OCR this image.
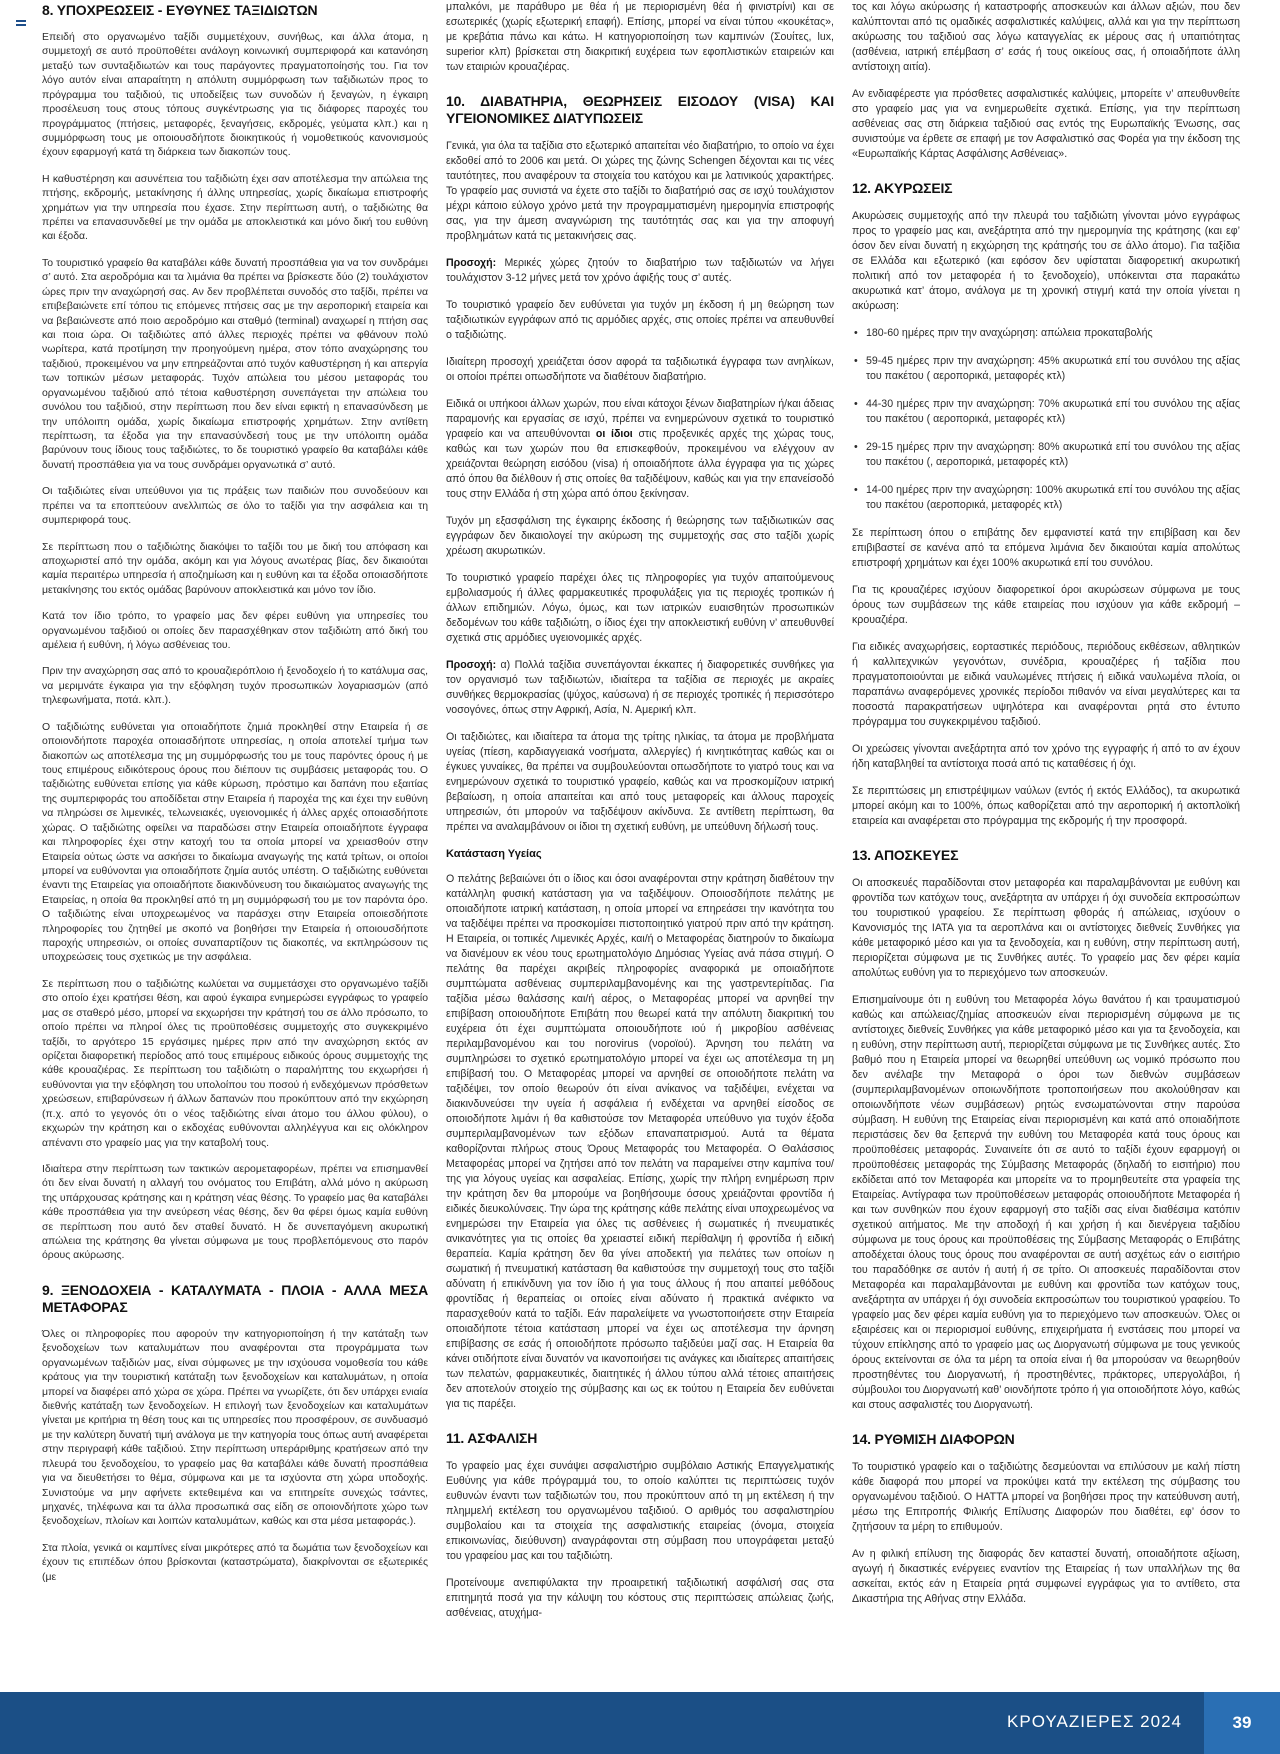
8. ΥΠΟΧΡΕΩΣΕΙΣ - ΕΥΘΥΝΕΣ ΤΑΞΙΔΙΩΤΩΝ

Επειδή στο οργανωμένο ταξίδι συμμετέχουν, συνήθως, και άλλα άτομα, η συμμετοχή σε αυτό προϋποθέτει ανάλογη κοινωνική συμπεριφορά και κατανόηση μεταξύ των συνταξιδιωτών και τους παράγοντες πραγματοποίησής του. Για τον λόγο αυτόν είναι απαραίτητη η απόλυτη συμμόρφωση των ταξιδιωτών προς το πρόγραμμα του ταξιδιού, τις υποδείξεις των συνοδών ή ξεναγών, η έγκαιρη προσέλευση τους στους τόπους συγκέντρωσης για τις διάφορες παροχές του προγράμματος (πτήσεις, μεταφορές, ξεναγήσεις, εκδρομές, γεύματα κλπ.) και η συμμόρφωση τους με οποιουσδήποτε διοικητικούς ή νομοθετικούς κανονισμούς έχουν εφαρμογή κατά τη διάρκεια των διακοπών τους.

Η καθυστέρηση και ασυνέπεια του ταξιδιώτη έχει σαν αποτέλεσμα την απώλεια της πτήσης, εκδρομής, μετακίνησης ή άλλης υπηρεσίας, χωρίς δικαίωμα επιστροφής χρημάτων για την υπηρεσία που έχασε. Στην περίπτωση αυτή, ο ταξιδιώτης θα πρέπει να επανασυνδεθεί με την ομάδα με αποκλειστικά και μόνο δική του ευθύνη και έξοδα.

Το τουριστικό γραφείο θα καταβάλει κάθε δυνατή προσπάθεια για να τον συνδράμει σ’ αυτό. Στα αεροδρόμια και τα λιμάνια θα πρέπει να βρίσκεστε δύο (2) τουλάχιστον ώρες πριν την αναχώρησή σας. Αν δεν προβλέπεται συνοδός στο ταξίδι, πρέπει να επιβεβαιώνετε επί τόπου τις επόμενες πτήσεις σας με την αεροπορική εταιρεία και να βεβαιώνεστε από ποιο αεροδρόμιο και σταθμό (terminal) αναχωρεί η πτήση σας και ποια ώρα. Οι ταξιδιώτες από άλλες περιοχές πρέπει να φθάνουν πολύ νωρίτερα, κατά προτίμηση την προηγούμενη ημέρα, στον τόπο αναχώρησης του ταξιδιού, προκειμένου να μην επηρεάζονται από τυχόν καθυστέρηση ή και απεργία των τοπικών μέσων μεταφοράς. Τυχόν απώλεια του μέσου μεταφοράς του οργανωμένου ταξιδιού από τέτοια καθυστέρηση συνεπάγεται την απώλεια του συνόλου του ταξιδιού, στην περίπτωση που δεν είναι εφικτή η επανασύνδεση με την υπόλοιπη ομάδα, χωρίς δικαίωμα επιστροφής χρημάτων. Στην αντίθετη περίπτωση, τα έξοδα για την επανασύνδεσή τους με την υπόλοιπη ομάδα βαρύνουν τους ίδιους τους ταξιδιώτες, το δε τουριστικό γραφείο θα καταβάλει κάθε δυνατή προσπάθεια για να τους συνδράμει οργανωτικά σ’ αυτό.

Οι ταξιδιώτες είναι υπεύθυνοι για τις πράξεις των παιδιών που συνοδεύουν και πρέπει να τα εποπτεύουν ανελλιπώς σε όλο το ταξίδι για την ασφάλεια και τη συμπεριφορά τους.

Σε περίπτωση που ο ταξιδιώτης διακόψει το ταξίδι του με δική του απόφαση και αποχωριστεί από την ομάδα, ακόμη και για λόγους ανωτέρας βίας, δεν δικαιούται καμία περαιτέρω υπηρεσία ή αποζημίωση και η ευθύνη και τα έξοδα οποιασδήποτε μετακίνησης του εκτός ομάδας βαρύνουν αποκλειστικά και μόνο τον ίδιο.

Κατά τον ίδιο τρόπο, το γραφείο μας δεν φέρει ευθύνη για υπηρεσίες του οργανωμένου ταξιδιού οι οποίες δεν παρασχέθηκαν στον ταξιδιώτη από δική του αμέλεια ή ευθύνη, ή λόγω ασθένειας του.

Πριν την αναχώρηση σας από το κρουαζιερόπλοιο ή ξενοδοχείο ή το κατάλυμα σας, να μεριμνάτε έγκαιρα για την εξόφληση τυχόν προσωπικών λογαριασμών (από τηλεφωνήματα, ποτά. κλπ.).

Ο ταξιδιώτης ευθύνεται για οποιαδήποτε ζημιά προκληθεί στην Εταιρεία ή σε οποιονδήποτε παροχέα οποιασδήποτε υπηρεσίας, η οποία αποτελεί τμήμα των διακοπών ως αποτέλεσμα της μη συμμόρφωσής του με τους παρόντες όρους ή με τους επιμέρους ειδικότερους όρους που διέπουν τις συμβάσεις μεταφοράς του. Ο ταξιδιώτης ευθύνεται επίσης για κάθε κύρωση, πρόστιμο και δαπάνη που εξαιτίας της συμπεριφοράς του αποδίδεται στην Εταιρεία ή παροχέα της και έχει την ευθύνη να πληρώσει σε λιμενικές, τελωνειακές, υγειονομικές ή άλλες αρχές οποιασδήποτε χώρας. Ο ταξιδιώτης οφείλει να παραδώσει στην Εταιρεία οποιαδήποτε έγγραφα και πληροφορίες έχει στην κατοχή του τα οποία μπορεί να χρειασθούν στην Εταιρεία ούτως ώστε να ασκήσει το δικαίωμα αναγωγής της κατά τρίτων, οι οποίοι μπορεί να ευθύνονται για οποιαδήποτε ζημία αυτός υπέστη. Ο ταξιδιώτης ευθύνεται έναντι της Εταιρείας για οποιαδήποτε διακινδύνευση του δικαιώματος αναγωγής της Εταιρείας, η οποία θα προκληθεί από τη μη συμμόρφωσή του με τον παρόντα όρο. Ο ταξιδιώτης είναι υποχρεωμένος να παράσχει στην Εταιρεία οποιεσδήποτε πληροφορίες του ζητηθεί με σκοπό να βοηθήσει την Εταιρεία ή οποιουσδήποτε παροχής υπηρεσιών, οι οποίες συναπαρτίζουν τις διακοπές, να εκπληρώσουν τις υποχρεώσεις τους σχετικώς με την ασφάλεια.

Σε περίπτωση που ο ταξιδιώτης κωλύεται να συμμετάσχει στο οργανωμένο ταξίδι στο οποίο έχει κρατήσει θέση, και αφού έγκαιρα ενημερώσει εγγράφως το γραφείο μας σε σταθερό μέσο, μπορεί να εκχωρήσει την κράτησή του σε άλλο πρόσωπο, το οποίο πρέπει να πληροί όλες τις προϋποθέσεις συμμετοχής στο συγκεκριμένο ταξίδι, το αργότερο 15 εργάσιμες ημέρες πριν από την αναχώρηση εκτός αν ορίζεται διαφορετική περίοδος από τους επιμέρους ειδικούς όρους συμμετοχής της κάθε κρουαζιέρας. Σε περίπτωση του ταξιδιώτη ο παραλήπτης του εκχωρήσει ή ευθύνονται για την εξόφληση του υπολοίπου του ποσού ή ενδεχόμενων πρόσθετων χρεώσεων, επιβαρύνσεων ή άλλων δαπανών που προκύπτουν από την εκχώρηση (π.χ. από το γεγονός ότι ο νέος ταξιδιώτης είναι άτομο του άλλου φύλου), ο εκχωρών την κράτηση και ο εκδοχέας ευθύνονται αλληλέγγυα και εις ολόκληρον απέναντι στο γραφείο μας για την καταβολή τους.

Ιδιαίτερα στην περίπτωση των τακτικών αερομεταφορέων, πρέπει να επισημανθεί ότι δεν είναι δυνατή η αλλαγή του ονόματος του Επιβάτη, αλλά μόνο η ακύρωση της υπάρχουσας κράτησης και η κράτηση νέας θέσης. Το γραφείο μας θα καταβάλει κάθε προσπάθεια για την ανεύρεση νέας θέσης, δεν θα φέρει όμως καμία ευθύνη σε περίπτωση που αυτό δεν σταθεί δυνατό. Η δε συνεπαγόμενη ακυρωτική απώλεια της κράτησης θα γίνεται σύμφωνα με τους προβλεπόμενους στο παρόν όρους ακύρωσης.

9. ΞΕΝΟΔΟΧΕΙΑ - ΚΑΤΑΛΥΜΑΤΑ - ΠΛΟΙΑ - ΑΛΛΑ ΜΕΣΑ ΜΕΤΑΦΟΡΑΣ

Όλες οι πληροφορίες που αφορούν την κατηγοριοποίηση ή την κατάταξη των ξενοδοχείων των καταλυμάτων που αναφέρονται στα προγράμματα των οργανωμένων ταξιδιών μας, είναι σύμφωνες με την ισχύουσα νομοθεσία του κάθε κράτους για την τουριστική κατάταξη των ξενοδοχείων και καταλυμάτων, η οποία μπορεί να διαφέρει από χώρα σε χώρα. Πρέπει να γνωρίζετε, ότι δεν υπάρχει ενιαία διεθνής κατάταξη των ξενοδοχείων. Η επιλογή των ξενοδοχείων και καταλυμάτων γίνεται με κριτήρια τη θέση τους και τις υπηρεσίες που προσφέρουν, σε συνδυασμό με την καλύτερη δυνατή τιμή ανάλογα με την κατηγορία τους όπως αυτή αναφέρεται στην περιγραφή κάθε ταξιδιού. Στην περίπτωση υπεράριθμης κρατήσεων από την πλευρά του ξενοδοχείου, το γραφείο μας θα καταβάλει κάθε δυνατή προσπάθεια για να διευθετήσει το θέμα, σύμφωνα και με τα ισχύοντα στη χώρα υποδοχής. Συνιστούμε να μην αφήνετε εκτεθειμένα και να επιτηρείτε συνεχώς τσάντες, μηχανές, τηλέφωνα και τα άλλα προσωπικά σας είδη σε οποιονδήποτε χώρο των ξενοδοχείων, πλοίων και λοιπών καταλυμάτων, καθώς και στα μέσα μεταφοράς.).

Στα πλοία, γενικά οι καμπίνες είναι μικρότερες από τα δωμάτια των ξενοδοχείων και έχουν τις επιπέδων όπου βρίσκονται (καταστρώματα), διακρίνονται σε εξωτερικές (με

μπαλκόνι, με παράθυρο με θέα ή με περιορισμένη θέα ή φινιστρίνι) και σε εσωτερικές (χωρίς εξωτερική επαφή). Επίσης, μπορεί να είναι τύπου «κουκέτας», με κρεβάτια πάνω και κάτω. Η κατηγοριοποίηση των καμπινών (Σουίτες, lux, superior κλπ) βρίσκεται στη διακριτική ευχέρεια των εφοπλιστικών εταιρειών και των εταιριών κρουαζιέρας.

10. ΔΙΑΒΑΤΗΡΙΑ, ΘΕΩΡΗΣΕΙΣ ΕΙΣΟΔΟΥ (VISA) ΚΑΙ ΥΓΕΙΟΝΟΜΙΚΕΣ ΔΙΑΤΥΠΩΣΕΙΣ

Γενικά, για όλα τα ταξίδια στο εξωτερικό απαιτείται νέο διαβατήριο, το οποίο να έχει εκδοθεί από το 2006 και μετά. Οι χώρες της ζώνης Schengen δέχονται και τις νέες ταυτότητες, που αναφέρουν τα στοιχεία του κατόχου και με λατινικούς χαρακτήρες. Το γραφείο μας συνιστά να έχετε στο ταξίδι το διαβατήριό σας σε ισχύ τουλάχιστον μέχρι κάποιο εύλογο χρόνο μετά την προγραμματισμένη ημερομηνία επιστροφής σας, για την άμεση αναγνώριση της ταυτότητάς σας και για την αποφυγή προβλημάτων κατά τις μετακινήσεις σας.

Προσοχή: Μερικές χώρες ζητούν το διαβατήριο των ταξιδιωτών να λήγει τουλάχιστον 3-12 μήνες μετά τον χρόνο άφιξής τους σ’ αυτές.

Το τουριστικό γραφείο δεν ευθύνεται για τυχόν μη έκδοση ή μη θεώρηση των ταξιδιωτικών εγγράφων από τις αρμόδιες αρχές, στις οποίες πρέπει να απευθυνθεί ο ταξιδιώτης.

Ιδιαίτερη προσοχή χρειάζεται όσον αφορά τα ταξιδιωτικά έγγραφα των ανηλίκων, οι οποίοι πρέπει οπωσδήποτε να διαθέτουν διαβατήριο.

Ειδικά οι υπήκοοι άλλων χωρών, που είναι κάτοχοι ξένων διαβατηρίων ή/και άδειας παραμονής και εργασίας σε ισχύ, πρέπει να ενημερώνουν σχετικά το τουριστικό γραφείο και να απευθύνονται οι ίδιοι στις προξενικές αρχές της χώρας τους, καθώς και των χωρών που θα επισκεφθούν, προκειμένου να ελέγχουν αν χρειάζονται θεώρηση εισόδου (visa) ή οποιαδήποτε άλλα έγγραφα για τις χώρες από όπου θα διέλθουν ή στις οποίες θα ταξιδέψουν, καθώς και για την επανείσοδό τους στην Ελλάδα ή στη χώρα από όπου ξεκίνησαν.

Τυχόν μη εξασφάλιση της έγκαιρης έκδοσης ή θεώρησης των ταξιδιωτικών σας εγγράφων δεν δικαιολογεί την ακύρωση της συμμετοχής σας στο ταξίδι χωρίς χρέωση ακυρωτικών.

Το τουριστικό γραφείο παρέχει όλες τις πληροφορίες για τυχόν απαιτούμενους εμβολιασμούς ή άλλες φαρμακευτικές προφυλάξεις για τις περιοχές τροπικών ή άλλων επιδημιών. Λόγω, όμως, και των ιατρικών ευαισθητών προσωπικών δεδομένων του κάθε ταξιδιώτη, ο ίδιος έχει την αποκλειστική ευθύνη ν’ απευθυνθεί σχετικά στις αρμόδιες υγειονομικές αρχές.

Προσοχή: α) Πολλά ταξίδια συνεπάγονται έκκαπες ή διαφορετικές συνθήκες για τον οργανισμό των ταξιδιωτών, ιδιαίτερα τα ταξίδια σε περιοχές με ακραίες συνθήκες θερμοκρασίας (ψύχος, καύσωνα) ή σε περιοχές τροπικές ή περισσότερο νοσογόνες, όπως στην Αφρική, Ασία, Ν. Αμερική κλπ.

Οι ταξιδιώτες, και ιδιαίτερα τα άτομα της τρίτης ηλικίας, τα άτομα με προβλήματα υγείας (πίεση, καρδιαγγειακά νοσήματα, αλλεργίες) ή κινητικότητας καθώς και οι έγκυες γυναίκες, θα πρέπει να συμβουλεύονται οπωσδήποτε το γιατρό τους και να ενημερώνουν σχετικά το τουριστικό γραφείο, καθώς και να προσκομίζουν ιατρική βεβαίωση, η οποία απαιτείται και από τους μεταφορείς και άλλους παροχείς υπηρεσιών, ότι μπορούν να ταξιδέψουν ακίνδυνα. Σε αντίθετη περίπτωση, θα πρέπει να αναλαμβάνουν οι ίδιοι τη σχετική ευθύνη, με υπεύθυνη δήλωσή τους.

Κατάσταση Υγείας

Ο πελάτης βεβαιώνει ότι ο ίδιος και όσοι αναφέρονται στην κράτηση διαθέτουν την κατάλληλη φυσική κατάσταση για να ταξιδέψουν. Οποιοσδήποτε πελάτης με οποιαδήποτε ιατρική κατάσταση, η οποία μπορεί να επηρεάσει την ικανότητα του να ταξιδέψει πρέπει να προσκομίσει πιστοποιητικό γιατρού πριν από την κράτηση. Η Εταιρεία, οι τοπικές Λιμενικές Αρχές, και/ή ο Μεταφορέας διατηρούν το δικαίωμα να διανέμουν εκ νέου τους ερωτηματολόγιο Δημόσιας Υγείας ανά πάσα στιγμή. Ο πελάτης θα παρέχει ακριβείς πληροφορίες αναφορικά με οποιαδήποτε συμπτώματα ασθένειας συμπεριλαμβανομένης και της γαστρεντερίτιδας. Για ταξίδια μέσω θαλάσσης και/ή αέρος, ο Μεταφορέας μπορεί να αρνηθεί την επιβίβαση οποιουδήποτε Επιβάτη που θεωρεί κατά την απόλυτη διακριτική του ευχέρεια ότι έχει συμπτώματα οποιουδήποτε ιού ή μικροβίου ασθένειας περιλαμβανομένου και του norovirus (νοροϊού). Άρνηση του πελάτη να συμπληρώσει το σχετικό ερωτηματολόγιο μπορεί να έχει ως αποτέλεσμα τη μη επιβίβασή του. Ο Μεταφορέας μπορεί να αρνηθεί σε οποιοδήποτε πελάτη να ταξιδέψει, τον οποίο θεωρούν ότι είναι ανίκανος να ταξιδέψει, ενέχεται να διακινδυνεύσει την υγεία ή ασφάλεια ή ενδέχεται να αρνηθεί είσοδος σε οποιοδήποτε λιμάνι ή θα καθιστούσε τον Μεταφορέα υπεύθυνο για τυχόν έξοδα συμπεριλαμβανομένων των εξόδων επαναπατρισμού. Αυτά τα θέματα καθορίζονται πλήρως στους Όρους Μεταφοράς του Μεταφορέα. Ο Θαλάσσιος Μεταφορέας μπορεί να ζητήσει από τον πελάτη να παραμείνει στην καμπίνα του/της για λόγους υγείας και ασφαλείας. Επίσης, χωρίς την πλήρη ενημέρωση πριν την κράτηση δεν θα μπορούμε να βοηθήσουμε όσους χρειάζονται φροντίδα ή ειδικές διευκολύνσεις. Την ώρα της κράτησης κάθε πελάτης είναι υποχρεωμένος να ενημερώσει την Εταιρεία για όλες τις ασθένειες ή σωματικές ή πνευματικές ανικανότητες για τις οποίες θα χρειαστεί ειδική περίθαλψη ή φροντίδα ή ειδική θεραπεία. Καμία κράτηση δεν θα γίνει αποδεκτή για πελάτες των οποίων η σωματική ή πνευματική κατάσταση θα καθιστούσε την συμμετοχή τους στο ταξίδι αδύνατη ή επικίνδυνη για τον ίδιο ή για τους άλλους ή που απαιτεί μεθόδους φροντίδας ή θεραπείας οι οποίες είναι αδύνατο ή πρακτικά ανέφικτο να παρασχεθούν κατά το ταξίδι. Εάν παραλείψετε να γνωστοποιήσετε στην Εταιρεία οποιαδήποτε τέτοια κατάσταση μπορεί να έχει ως αποτέλεσμα την άρνηση επιβίβασης σε εσάς ή οποιοδήποτε πρόσωπο ταξιδεύει μαζί σας. Η Εταιρεία θα κάνει οτιδήποτε είναι δυνατόν να ικανοποιήσει τις ανάγκες και ιδιαίτερες απαιτήσεις των πελατών, φαρμακευτικές, διαιτητικές ή άλλου τύπου αλλά τέτοιες απαιτήσεις δεν αποτελούν στοιχείο της σύμβασης και ως εκ τούτου η Εταιρεία δεν ευθύνεται για τις παρέξει.

11. ΑΣΦΑΛΙΣΗ

Το γραφείο μας έχει συνάψει ασφαλιστήριο συμβόλαιο Αστικής Επαγγελματικής Ευθύνης για κάθε πρόγραμμά του, το οποίο καλύπτει τις περιπτώσεις τυχόν ευθυνών έναντι των ταξιδιωτών του, που προκύπτουν από τη μη εκτέλεση ή την πλημμελή εκτέλεση του οργανωμένου ταξιδιού. Ο αριθμός του ασφαλιστηρίου συμβολαίου και τα στοιχεία της ασφαλιστικής εταιρείας (όνομα, στοιχεία επικοινωνίας, διεύθυνση) αναγράφονται στη σύμβαση που υπογράφεται μεταξύ του γραφείου μας και του ταξιδιώτη.

Προτείνουμε ανεπιφύλακτα την προαιρετική ταξιδιωτική ασφάλισή σας στα επιτημητά ποσά για την κάλυψη του κόστους στις περιπτώσεις απώλειας ζωής, ασθένειας, ατυχήμα-

τος και λόγω ακύρωσης ή καταστροφής αποσκευών και άλλων αξιών, που δεν καλύπτονται από τις ομαδικές ασφαλιστικές καλύψεις, αλλά και για την περίπτωση ακύρωσης του ταξιδιού σας λόγω καταγγελίας εκ μέρους σας ή υπαιτιότητας (ασθένεια, ιατρική επέμβαση σ’ εσάς ή τους οικείους σας, ή οποιαδήποτε άλλη αντίστοιχη αιτία).

Αν ενδιαφέρεστε για πρόσθετες ασφαλιστικές καλύψεις, μπορείτε ν’ απευθυνθείτε στο γραφείο μας για να ενημερωθείτε σχετικά. Επίσης, για την περίπτωση ασθένειας σας στη διάρκεια ταξιδιού σας εντός της Ευρωπαϊκής Ένωσης, σας συνιστούμε να έρθετε σε επαφή με τον Ασφαλιστικό σας Φορέα για την έκδοση της «Ευρωπαϊκής Κάρτας Ασφάλισης Ασθένειας».

12. ΑΚΥΡΩΣΕΙΣ

Ακυρώσεις συμμετοχής από την πλευρά του ταξιδιώτη γίνονται μόνο εγγράφως προς το γραφείο μας και, ανεξάρτητα από την ημερομηνία της κράτησης (και εφ’ όσον δεν είναι δυνατή η εκχώρηση της κράτησής του σε άλλο άτομο). Για ταξίδια σε Ελλάδα και εξωτερικό (και εφόσον δεν υφίσταται διαφορετική ακυρωτική πολιτική από τον μεταφορέα ή το ξενοδοχείο), υπόκεινται στα παρακάτω ακυρωτικά κατ’ άτομο, ανάλογα με τη χρονική στιγμή κατά την οποία γίνεται η ακύρωση:

• 180-60 ημέρες πριν την αναχώρηση: απώλεια προκαταβολής
• 59-45 ημέρες πριν την αναχώρηση: 45% ακυρωτικά επί του συνόλου της αξίας του πακέτου ( αεροπορικά, μεταφορές κτλ)
• 44-30 ημέρες πριν την αναχώρηση: 70% ακυρωτικά επί του συνόλου της αξίας του πακέτου ( αεροπορικά, μεταφορές κτλ)
• 29-15 ημέρες πριν την αναχώρηση: 80% ακυρωτικά επί του συνόλου της αξίας του πακέτου (, αεροπορικά, μεταφορές κτλ)
• 14-00 ημέρες πριν την αναχώρηση: 100% ακυρωτικά επί του συνόλου της αξίας του πακέτου (αεροπορικά, μεταφορές κτλ)

Σε περίπτωση όπου ο επιβάτης δεν εμφανιστεί κατά την επιβίβαση και δεν επιβιβαστεί σε κανένα από τα επόμενα λιμάνια δεν δικαιούται καμία απολύτως επιστροφή χρημάτων και έχει 100% ακυρωτικά επί του συνόλου.

Για τις κρουαζιέρες ισχύουν διαφορετικοί όροι ακυρώσεων σύμφωνα με τους όρους των συμβάσεων της κάθε εταιρείας που ισχύουν για κάθε εκδρομή – κρουαζιέρα.

Για ειδικές αναχωρήσεις, εορταστικές περιόδους, περιόδους εκθέσεων, αθλητικών ή καλλιτεχνικών γεγονότων, συνέδρια, κρουαζιέρες ή ταξίδια που πραγματοποιούνται με ειδικά ναυλωμένες πτήσεις ή ειδικά ναυλωμένα πλοία, οι παραπάνω αναφερόμενες χρονικές περίοδοι πιθανόν να είναι μεγαλύτερες και τα ποσοστά παρακρατήσεων υψηλότερα και αναφέρονται ρητά στο έντυπο πρόγραμμα του συγκεκριμένου ταξιδιού.

Οι χρεώσεις γίνονται ανεξάρτητα από τον χρόνο της εγγραφής ή από το αν έχουν ήδη καταβληθεί τα αντίστοιχα ποσά από τις καταθέσεις ή όχι.

Σε περιπτώσεις μη επιστρέψιμων ναύλων (εντός ή εκτός Ελλάδος), τα ακυρωτικά μπορεί ακόμη και το 100%, όπως καθορίζεται από την αεροπορική ή ακτοπλοϊκή εταιρεία και αναφέρεται στο πρόγραμμα της εκδρομής ή την προσφορά.

13. ΑΠΟΣΚΕΥΕΣ

Οι αποσκευές παραδίδονται στον μεταφορέα και παραλαμβάνονται με ευθύνη και φροντίδα των κατόχων τους, ανεξάρτητα αν υπάρχει ή όχι συνοδεία εκπροσώπων του τουριστικού γραφείου. Σε περίπτωση φθοράς ή απώλειας, ισχύουν ο Κανονισμός της IATA για τα αεροπλάνα και οι αντίστοιχες διεθνείς Συνθήκες για κάθε μεταφορικό μέσο και για τα ξενοδοχεία, και η ευθύνη, στην περίπτωση αυτή, περιορίζεται σύμφωνα με τις Συνθήκες αυτές. Το γραφείο μας δεν φέρει καμία απολύτως ευθύνη για το περιεχόμενο των αποσκευών.

Επισημαίνουμε ότι η ευθύνη του Μεταφορέα λόγω θανάτου ή και τραυματισμού καθώς και απώλειας/ζημίας αποσκευών είναι περιορισμένη σύμφωνα με τις αντίστοιχες διεθνείς Συνθήκες για κάθε μεταφορικό μέσο και για τα ξενοδοχεία, και η ευθύνη, στην περίπτωση αυτή, περιορίζεται σύμφωνα με τις Συνθήκες αυτές. Στο βαθμό που η Εταιρεία μπορεί να θεωρηθεί υπεύθυνη ως νομικό πρόσωπο που δεν ανέλαβε την Μεταφορά ο όροι των διεθνών συμβάσεων (συμπεριλαμβανομένων οποιωνδήποτε τροποποιήσεων που ακολούθησαν και οποιωνδήποτε νέων συμβάσεων) ρητώς ενσωματώνονται στην παρούσα σύμβαση. Η ευθύνη της Εταιρείας είναι περιορισμένη και κατά από οποιαδήποτε περιστάσεις δεν θα ξεπερνά την ευθύνη του Μεταφορέα κατά τους όρους και προϋποθέσεις μεταφοράς. Συναινείτε ότι σε αυτό το ταξίδι έχουν εφαρμογή οι προϋποθέσεις μεταφοράς της Σύμβασης Μεταφοράς (δηλαδή το εισιτήριο) που εκδίδεται από τον Μεταφορέα και μπορείτε να το προμηθευτείτε στα γραφεία της Εταιρείας. Αντίγραφα των προϋποθέσεων μεταφοράς οποιουδήποτε Μεταφορέα ή και των συνθηκών που έχουν εφαρμογή στο ταξίδι σας είναι διαθέσιμα κατόπιν σχετικού αιτήματος. Με την αποδοχή ή και χρήση ή και διενέργεια ταξιδίου σύμφωνα με τους όρους και προϋποθέσεις της Σύμβασης Μεταφοράς ο Επιβάτης αποδέχεται όλους τους όρους που αναφέρονται σε αυτή ασχέτως εάν ο εισιτήριο του παραδόθηκε σε αυτόν ή αυτή ή σε τρίτο. Οι αποσκευές παραδίδονται στον Μεταφορέα και παραλαμβάνονται με ευθύνη και φροντίδα των κατόχων τους, ανεξάρτητα αν υπάρχει ή όχι συνοδεία εκπροσώπων του τουριστικού γραφείου. Το γραφείο μας δεν φέρει καμία ευθύνη για το περιεχόμενο των αποσκευών. Όλες οι εξαιρέσεις και οι περιορισμοί ευθύνης, επιχειρήματα ή ενστάσεις που μπορεί να τύχουν επίκλησης από το γραφείο μας ως Διοργανωτή σύμφωνα με τους γενικούς όρους εκτείνονται σε όλα τα μέρη τα οποία είναι ή θα μπορούσαν να θεωρηθούν προστηθέντες του Διοργανωτή, ή προστηθέντες, πράκτορες, υπεργολάβοι, ή σύμβουλοι του Διοργανωτή καθ’ οιονδήποτε τρόπο ή για οποιοδήποτε λόγο, καθώς και στους ασφαλιστές του Διοργανωτή.

14. ΡΥΘΜΙΣΗ ΔΙΑΦΟΡΩΝ

Το τουριστικό γραφείο και ο ταξιδιώτης δεσμεύονται να επιλύσουν με καλή πίστη κάθε διαφορά που μπορεί να προκύψει κατά την εκτέλεση της σύμβασης του οργανωμένου ταξιδιού. Ο HATTA μπορεί να βοηθήσει προς την κατεύθυνση αυτή, μέσω της Επιτροπής Φιλικής Επίλυσης Διαφορών που διαθέτει, εφ’ όσον το ζητήσουν τα μέρη το επιθυμούν.

Αν η φιλική επίλυση της διαφοράς δεν καταστεί δυνατή, οποιαδήποτε αξίωση, αγωγή ή δικαστικές ενέργειες εναντίον της Εταιρείας ή των υπαλλήλων της θα ασκείται, εκτός εάν η Εταιρεία ρητά συμφωνεί εγγράφως για το αντίθετο, στα Δικαστήρια της Αθήνας στην Ελλάδα.

ΚΡΟΥΑΖΙΕΡΕΣ 2024	39
